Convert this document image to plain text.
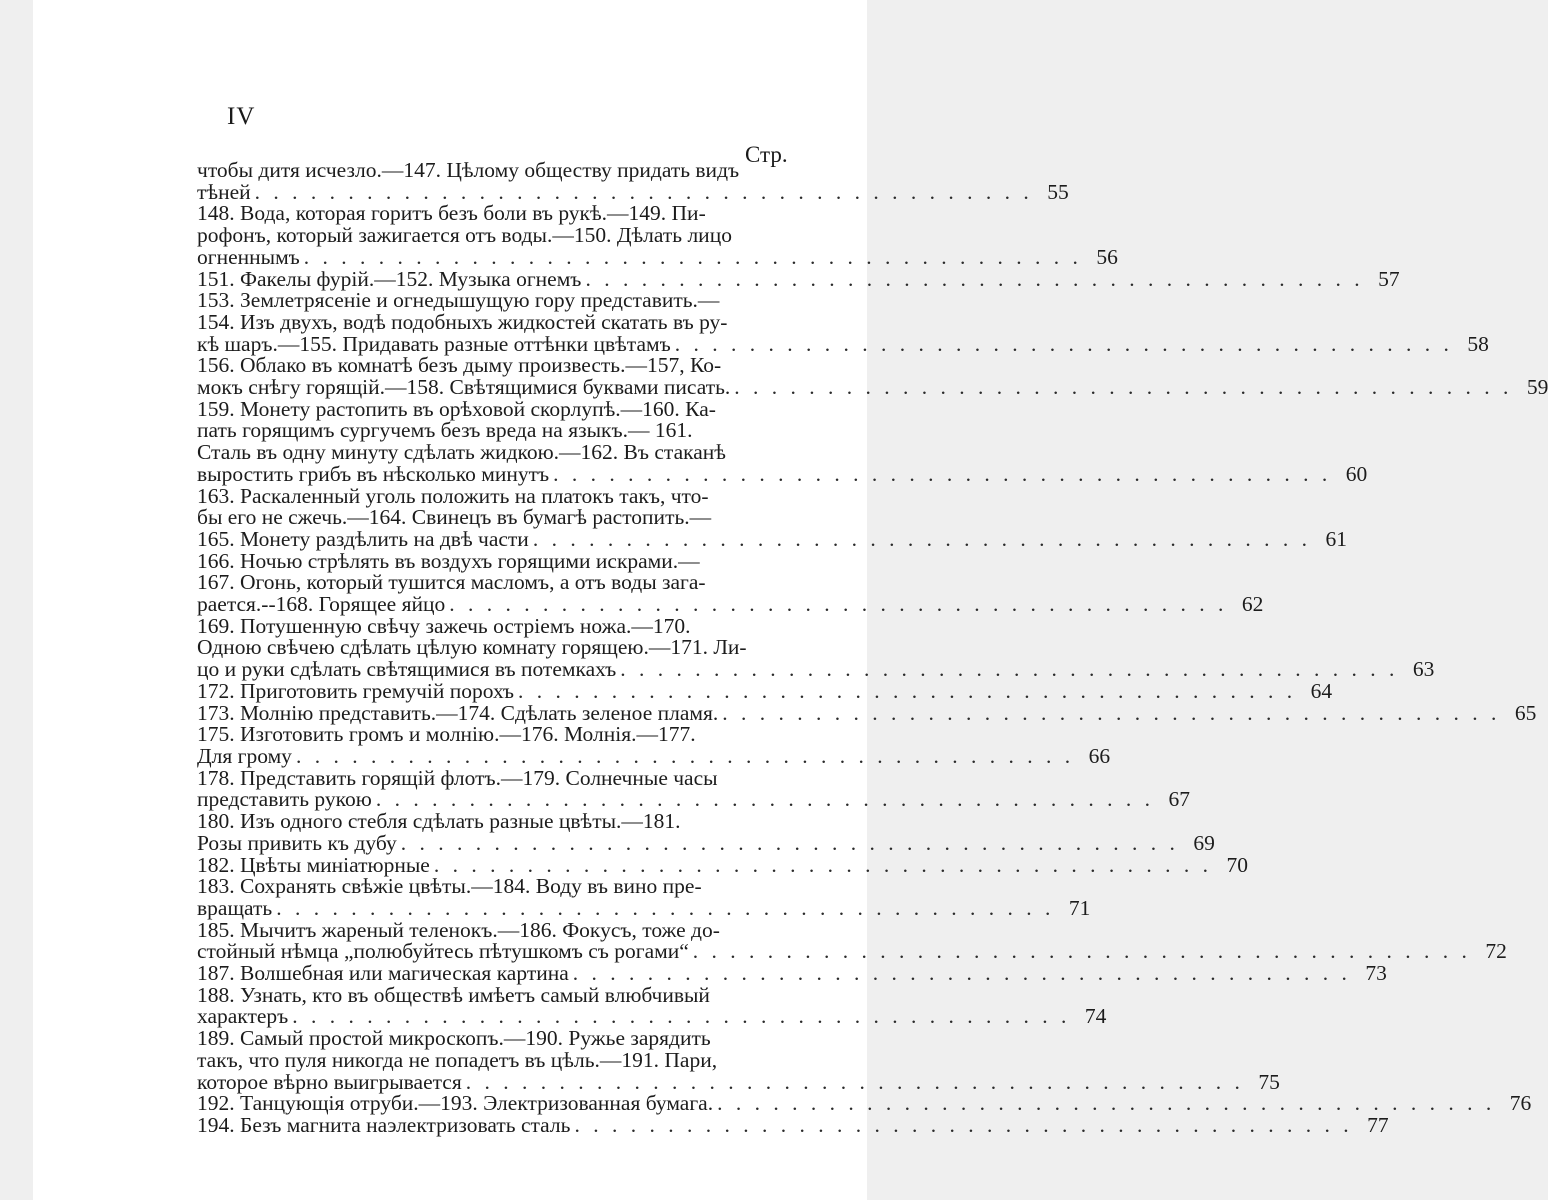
IV
Стр.
чтобы дитя исчезло.—147. Цѣлому обществу придать видъ
тѣней . . . . . . . . . . . . . . . . . . . . . . . . . . . . . . . . . . . . . . . . . . 55
148. Вода, которая горитъ безъ боли въ рукѣ.—149. Пи-
рофонъ, который зажигается отъ воды.—150. Дѣлать лицо
огненнымъ . . . . . . . . . . . . . . . . . . . . . . . . . . . . . . . . . . . . . . . . . . 56
151. Факелы фурій.—152. Музыка огнемъ . . . . . . . . . . . . . . . . . . . . . . . . . . . . . . . . . . . . . . . . . . 57
153. Землетрясеніе и огнедышущую гору представить.—
154. Изъ двухъ, водѣ подобныхъ жидкостей скатать въ ру-
кѣ шаръ.—155. Придавать разные оттѣнки цвѣтамъ . . . . . . . . . . . . . . . . . . . . . . . . . . . . . . . . . . . . . . . . . . 58
156. Облако въ комнатѣ безъ дыму произвесть.—157, Ко-
мокъ снѣгу горящій.—158. Свѣтящимися буквами писать. . . . . . . . . . . . . . . . . . . . . . . . . . . . . . . . . . . . . . . . . . . 59
159. Монету растопить въ орѣховой скорлупѣ.—160. Ка-
пать горящимъ сургучемъ безъ вреда на языкъ.— 161.
Сталь въ одну минуту сдѣлать жидкою.—162. Въ стаканѣ
выростить грибъ въ нѣсколько минутъ . . . . . . . . . . . . . . . . . . . . . . . . . . . . . . . . . . . . . . . . . . 60
163. Раскаленный уголь положить на платокъ такъ, что-
бы его не сжечь.—164. Свинецъ въ бумагѣ растопить.—
165. Монету раздѣлить на двѣ части . . . . . . . . . . . . . . . . . . . . . . . . . . . . . . . . . . . . . . . . . . 61
166. Ночью стрѣлять въ воздухъ горящими искрами.—
167. Огонь, который тушится масломъ, а отъ воды зага-
рается.--168. Горящее яйцо . . . . . . . . . . . . . . . . . . . . . . . . . . . . . . . . . . . . . . . . . . 62
169. Потушенную свѣчу зажечь остріемъ ножа.—170.
Одною свѣчею сдѣлать цѣлую комнату горящею.—171. Ли-
цо и руки сдѣлать свѣтящимися въ потемкахъ . . . . . . . . . . . . . . . . . . . . . . . . . . . . . . . . . . . . . . . . . . 63
172. Приготовить гремучій порохъ . . . . . . . . . . . . . . . . . . . . . . . . . . . . . . . . . . . . . . . . . . 64
173. Молнію представить.—174. Сдѣлать зеленое пламя. . . . . . . . . . . . . . . . . . . . . . . . . . . . . . . . . . . . . . . . . . . 65
175. Изготовить громъ и молнію.—176. Молнія.—177.
Для грому . . . . . . . . . . . . . . . . . . . . . . . . . . . . . . . . . . . . . . . . . . 66
178. Представить горящій флотъ.—179. Солнечные часы
представить рукою . . . . . . . . . . . . . . . . . . . . . . . . . . . . . . . . . . . . . . . . . . 67
180. Изъ одного стебля сдѣлать разные цвѣты.—181.
Розы привить къ дубу . . . . . . . . . . . . . . . . . . . . . . . . . . . . . . . . . . . . . . . . . . 69
182. Цвѣты миніатюрные . . . . . . . . . . . . . . . . . . . . . . . . . . . . . . . . . . . . . . . . . . 70
183. Сохранять свѣжіе цвѣты.—184. Воду въ вино пре-
вращать . . . . . . . . . . . . . . . . . . . . . . . . . . . . . . . . . . . . . . . . . . 71
185. Мычитъ жареный теленокъ.—186. Фокусъ, тоже до-
стойный нѣмца „полюбуйтесь пѣтушкомъ съ рогами“ . . . . . . . . . . . . . . . . . . . . . . . . . . . . . . . . . . . . . . . . . . 72
187. Волшебная или магическая картина . . . . . . . . . . . . . . . . . . . . . . . . . . . . . . . . . . . . . . . . . . 73
188. Узнать, кто въ обществѣ имѣетъ самый влюбчивый
характеръ . . . . . . . . . . . . . . . . . . . . . . . . . . . . . . . . . . . . . . . . . . 74
189. Самый простой микроскопъ.—190. Ружье зарядить
такъ, что пуля никогда не попадетъ въ цѣль.—191. Пари,
которое вѣрно выигрывается . . . . . . . . . . . . . . . . . . . . . . . . . . . . . . . . . . . . . . . . . . 75
192. Танцующія отруби.—193. Электризованная бумага. . . . . . . . . . . . . . . . . . . . . . . . . . . . . . . . . . . . . . . . . . . 76
194. Безъ магнита наэлектризовать сталь . . . . . . . . . . . . . . . . . . . . . . . . . . . . . . . . . . . . . . . . . . 77
